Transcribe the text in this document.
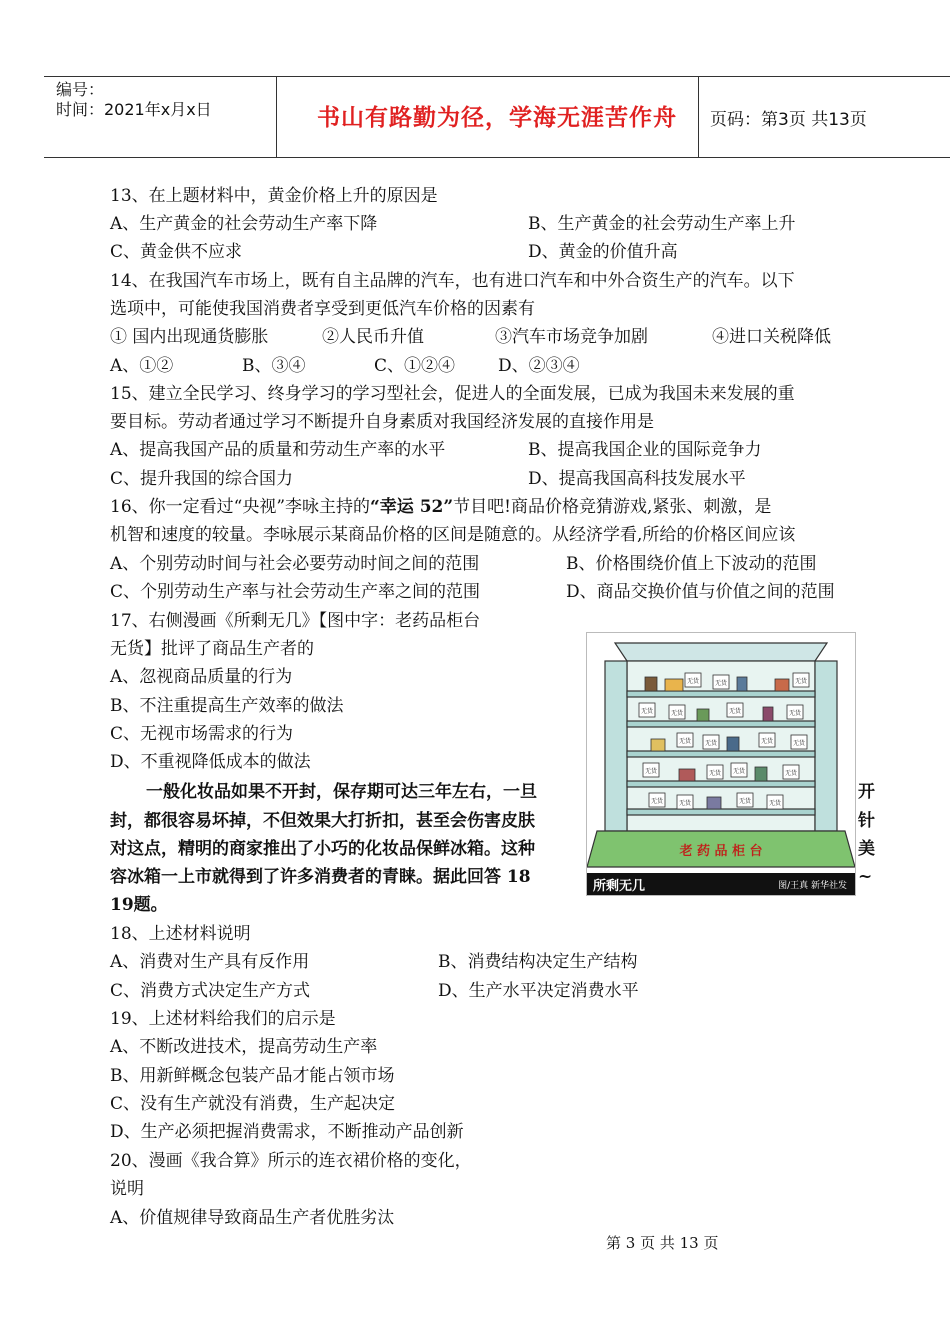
编号：
时间：2021年x月x日	书山有路勤为径，学海无涯苦作舟	页码：第3页 共13页
13、在上题材料中，黄金价格上升的原因是
A、生产黄金的社会劳动生产率下降	B、生产黄金的社会劳动生产率上升
C、黄金供不应求	D、黄金的价值升高
14、在我国汽车市场上，既有自主品牌的汽车，也有进口汽车和中外合资生产的汽车。以下
选项中，可能使我国消费者享受到更低汽车价格的因素有
① 国内出现通货膨胀	②人民币升值	③汽车市场竞争加剧	④进口关税降低
A、①②	B、③④	C、①②④	D、②③④
15、建立全民学习、终身学习的学习型社会，促进人的全面发展，已成为我国未来发展的重
要目标。劳动者通过学习不断提升自身素质对我国经济发展的直接作用是
A、提高我国产品的质量和劳动生产率的水平	B、提高我国企业的国际竞争力
C、提升我国的综合国力	D、提高我国高科技发展水平
16、你一定看过“央视”李咏主持的“幸运 52”节目吧!商品价格竞猜游戏,紧张、刺激，是
机智和速度的较量。李咏展示某商品价格的区间是随意的。从经济学看,所给的价格区间应该
A、个别劳动时间与社会必要劳动时间之间的范围	B、价格围绕价值上下波动的范围
C、个别劳动生产率与社会劳动生产率之间的范围	D、商品交换价值与价值之间的范围
17、右侧漫画《所剩无几》【图中字：老药品柜台
无货】批评了商品生产者的
A、忽视商品质量的行为
B、不注重提高生产效率的做法
C、无视市场需求的行为
D、不重视降低成本的做法
一般化妆品如果不开封，保存期可达三年左右，一旦	开
封，都很容易坏掉，不但效果大打折扣，甚至会伤害皮肤	针
对这点，精明的商家推出了小巧的化妆品保鲜冰箱。这种	美
容冰箱一上市就得到了许多消费者的青睐。据此回答 18	~
19题。
老 药 品 柜 台
无货	无货	无货
无货	无货	无货	无货
无货 无货	无货	无货
无货	无货 无货	无货
无货	无货	无货	无货
所剩无几	图/王真 新华社发
18、上述材料说明
A、消费对生产具有反作用	B、消费结构决定生产结构
C、消费方式决定生产方式	D、生产水平决定消费水平
19、上述材料给我们的启示是
A、不断改进技术，提高劳动生产率
B、用新鲜概念包装产品才能占领市场
C、没有生产就没有消费，生产起决定
D、生产必须把握消费需求，不断推动产品创新
20、漫画《我合算》所示的连衣裙价格的变化，
说明
A、价值规律导致商品生产者优胜劣汰
第 3 页 共 13 页
